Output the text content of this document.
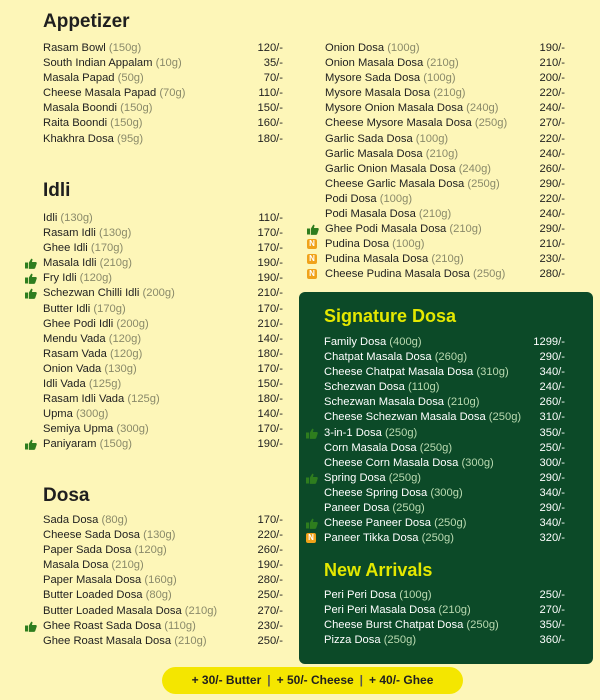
Appetizer
Rasam Bowl (150g)	120/-
South Indian Appalam (10g)	35/-
Masala Papad (50g)	70/-
Cheese Masala Papad (70g)	110/-
Masala Boondi (150g)	150/-
Raita Boondi (150g)	160/-
Khakhra Dosa (95g)	180/-
Idli
Idli (130g)	110/-
Rasam Idli (130g)	170/-
Ghee Idli (170g)	170/-
Masala Idli (210g)	190/-
Fry Idli (120g)	190/-
Schezwan Chilli Idli (200g)	210/-
Butter Idli (170g)	170/-
Ghee Podi Idli (200g)	210/-
Mendu Vada (120g)	140/-
Rasam Vada (120g)	180/-
Onion Vada (130g)	170/-
Idli Vada (125g)	150/-
Rasam Idli Vada (125g)	180/-
Upma (300g)	140/-
Semiya Upma (300g)	170/-
Paniyaram (150g)	190/-
Dosa
Sada Dosa (80g)	170/-
Cheese Sada Dosa (130g)	220/-
Paper Sada Dosa (120g)	260/-
Masala Dosa (210g)	190/-
Paper Masala Dosa (160g)	280/-
Butter Loaded Dosa (80g)	250/-
Butter Loaded Masala Dosa (210g)	270/-
Ghee Roast Sada Dosa (110g)	230/-
Ghee Roast Masala Dosa (210g)	250/-
Onion Dosa (100g)	190/-
Onion Masala Dosa (210g)	210/-
Mysore Sada Dosa (100g)	200/-
Mysore Masala Dosa (210g)	220/-
Mysore Onion Masala Dosa (240g)	240/-
Cheese Mysore Masala Dosa (250g)	270/-
Garlic Sada Dosa (100g)	220/-
Garlic Masala Dosa (210g)	240/-
Garlic Onion Masala Dosa (240g)	260/-
Cheese Garlic Masala Dosa (250g)	290/-
Podi Dosa (100g)	220/-
Podi Masala Dosa (210g)	240/-
Ghee Podi Masala Dosa (210g)	290/-
N Pudina Dosa (100g)	210/-
N Pudina Masala Dosa (210g)	230/-
N Cheese Pudina Masala Dosa (250g)	280/-
Signature Dosa
Family Dosa (400g)	1299/-
Chatpat Masala Dosa (260g)	290/-
Cheese Chatpat Masala Dosa (310g)	340/-
Schezwan Dosa (110g)	240/-
Schezwan Masala Dosa (210g)	260/-
Cheese Schezwan Masala Dosa (250g) 310/-
3-in-1 Dosa (250g)	350/-
Corn Masala Dosa (250g)	250/-
Cheese Corn Masala Dosa (300g)	300/-
Spring Dosa (250g)	290/-
Cheese Spring Dosa (300g)	340/-
Paneer Dosa (250g)	290/-
Cheese Paneer Dosa (250g)	340/-
N Paneer Tikka Dosa (250g)	320/-
New Arrivals
Peri Peri Dosa (100g)	250/-
Peri Peri Masala Dosa (210g)	270/-
Cheese Burst Chatpat Dosa (250g)	350/-
Pizza Dosa (250g)	360/-
+ 30/- Butter | + 50/- Cheese | + 40/- Ghee
